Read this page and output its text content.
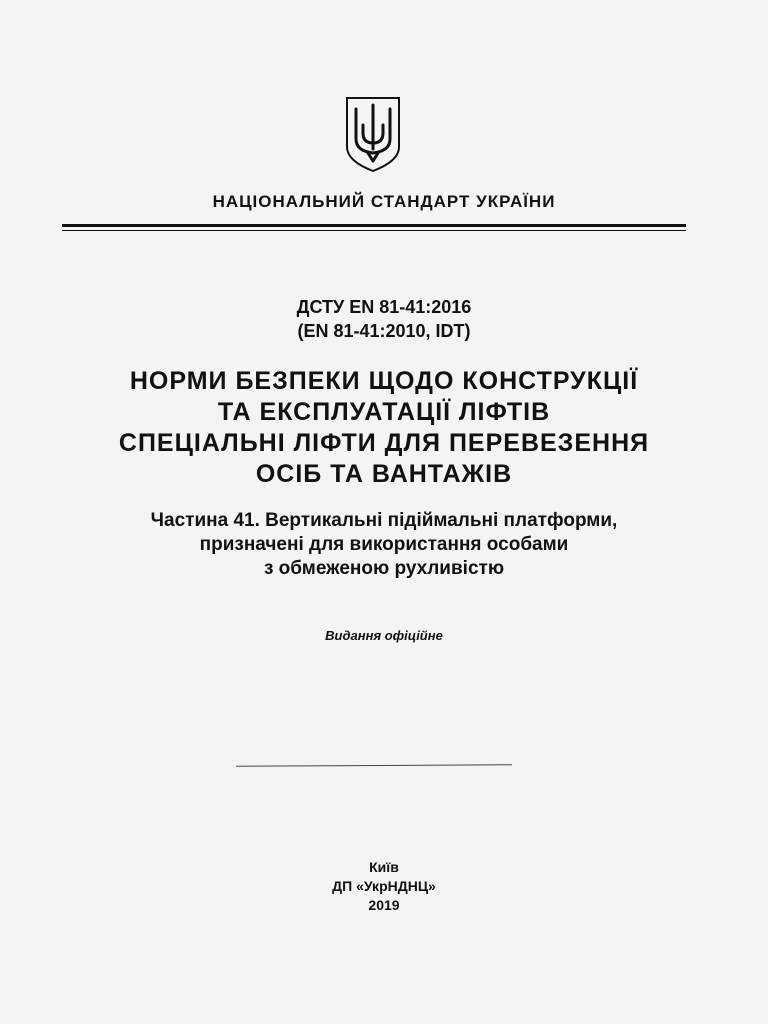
НАЦІОНАЛЬНИЙ СТАНДАРТ УКРАЇНИ
ДСТУ EN 81-41:2016
(EN 81-41:2010, IDT)
НОРМИ БЕЗПЕКИ ЩОДО КОНСТРУКЦІЇ
ТА ЕКСПЛУАТАЦІЇ ЛІФТІВ
СПЕЦІАЛЬНІ ЛІФТИ ДЛЯ ПЕРЕВЕЗЕННЯ
ОСІБ ТА ВАНТАЖІВ
Частина 41. Вертикальні підіймальні платформи,
призначені для використання особами
з обмеженою рухливістю
Видання офіційне
Київ
ДП «УкрНДНЦ»
2019
